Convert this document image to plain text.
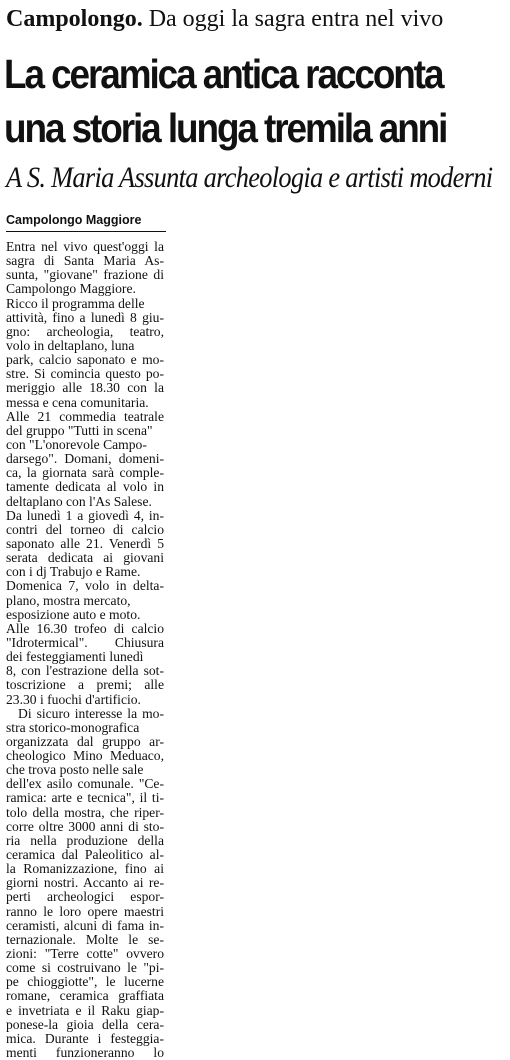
Campolongo. Da oggi la sagra entra nel vivo
La ceramica antica racconta
una storia lunga tremila anni
A S. Maria Assunta archeologia e artisti moderni
Campolongo Maggiore
Entra nel vivo quest'oggi la
sagra di Santa Maria As-
sunta, "giovane" frazione di
Campolongo Maggiore.
Ricco il programma delle
attività, fino a lunedì 8 giu-
gno: archeologia, teatro,
volo in deltaplano, luna
park, calcio saponato e mo-
stre. Si comincia questo po-
meriggio alle 18.30 con la
messa e cena comunitaria.
Alle 21 commedia teatrale
del gruppo "Tutti in scena"
con "L'onorevole Campo-
darsego". Domani, domeni-
ca, la giornata sarà comple-
tamente dedicata al volo in
deltaplano con l'As Salese.
Da lunedì 1 a giovedì 4, in-
contri del torneo di calcio
saponato alle 21. Venerdì 5
serata dedicata ai giovani
con i dj Trabujo e Rame.
Domenica 7, volo in delta-
plano, mostra mercato,
esposizione auto e moto.
Alle 16.30 trofeo di calcio
"Idrotermical". Chiusura
dei festeggiamenti lunedì
8, con l'estrazione della sot-
toscrizione a premi; alle
23.30 i fuochi d'artificio.
Di sicuro interesse la mo-
stra storico-monografica
organizzata dal gruppo ar-
cheologico Mino Meduaco,
che trova posto nelle sale
dell'ex asilo comunale. "Ce-
ramica: arte e tecnica", il ti-
tolo della mostra, che riper-
corre oltre 3000 anni di sto-
ria nella produzione della
ceramica dal Paleolitico al-
la Romanizzazione, fino ai
giorni nostri. Accanto ai re-
perti archeologici espor-
ranno le loro opere maestri
ceramisti, alcuni di fama in-
ternazionale. Molte le se-
zioni: "Terre cotte" ovvero
come si costruivano le "pi-
pe chioggiotte", le lucerne
romane, ceramica graffiata
e invetriata e il Raku giap-
ponese-la gioia della cera-
mica. Durante i festeggia-
menti funzioneranno lo
